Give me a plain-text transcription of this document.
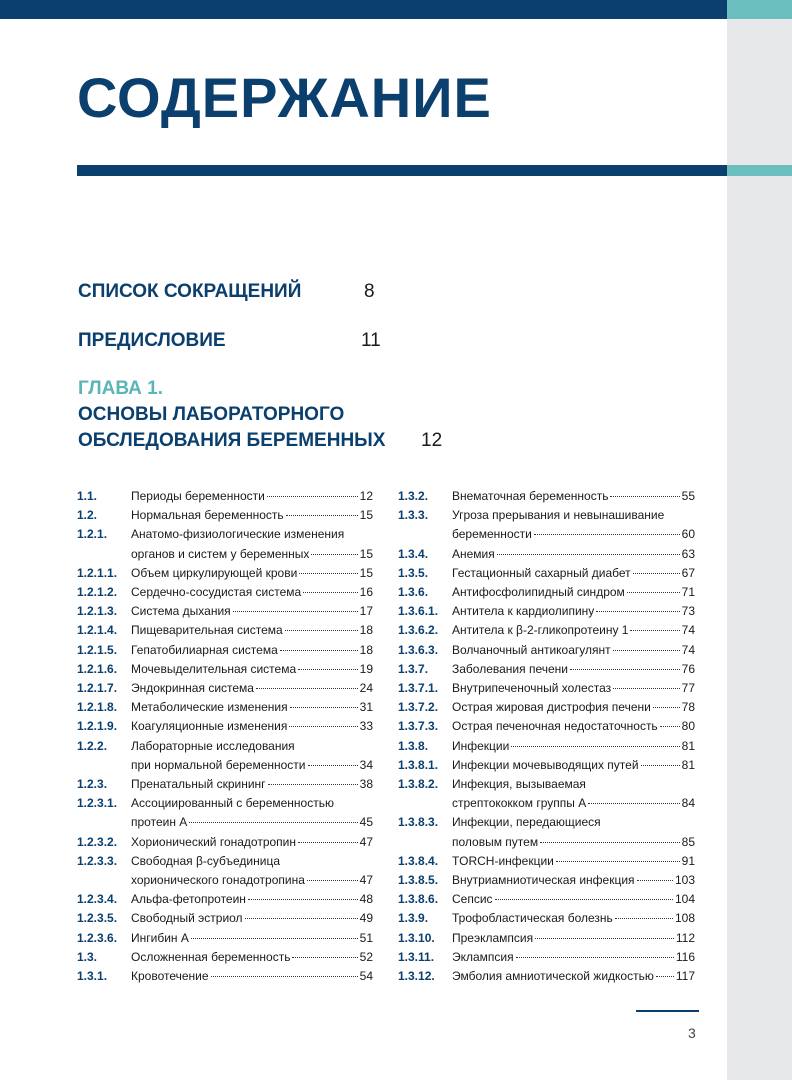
СОДЕРЖАНИЕ
СПИСОК СОКРАЩЕНИЙ	8
ПРЕДИСЛОВИЕ	11
ГЛАВА 1.
ОСНОВЫ ЛАБОРАТОРНОГО
ОБСЛЕДОВАНИЯ БЕРЕМЕННЫХ 12
1.1.	Периоды беременности	12
1.2.	Нормальная беременность	15
1.2.1. Анатомо-физиологические изменения
органов и систем у беременных	15
1.2.1.1. Объем циркулирующей крови	15
1.2.1.2. Сердечно-сосудистая система	16
1.2.1.3. Система дыхания	17
1.2.1.4. Пищеварительная система	18
1.2.1.5. Гепатобилиарная система	18
1.2.1.6. Мочевыделительная система	19
1.2.1.7. Эндокринная система	24
1.2.1.8. Метаболические изменения	31
1.2.1.9. Коагуляционные изменения	33
1.2.2. Лабораторные исследования
при нормальной беременности	34
1.2.3. Пренатальный скрининг	38
1.2.3.1. Ассоциированный с беременностью
протеин А	45
1.2.3.2. Хорионический гонадотропин	47
1.2.3.3. Свободная β-субъединица
хорионического гонадотропина	47
1.2.3.4. Альфа-фетопротеин	48
1.2.3.5. Свободный эстриол	49
1.2.3.6. Ингибин А	51
1.3.	Осложненная беременность	52
1.3.1. Кровотечение	54
1.3.2. Внематочная беременность	55
1.3.3. Угроза прерывания и невынашивание
беременности	60
1.3.4. Анемия	63
1.3.5. Гестационный сахарный диабет	67
1.3.6. Антифосфолипидный синдром	71
1.3.6.1. Антитела к кардиолипину	73
1.3.6.2. Антитела к β-2-гликопротеину 1	74
1.3.6.3. Волчаночный антикоагулянт	74
1.3.7. Заболевания печени	76
1.3.7.1. Внутрипеченочный холестаз	77
1.3.7.2. Острая жировая дистрофия печени	78
1.3.7.3. Острая печеночная недостаточность 80
1.3.8. Инфекции	81
1.3.8.1. Инфекции мочевыводящих путей	81
1.3.8.2. Инфекция, вызываемая
стрептококком группы А	84
1.3.8.3. Инфекции, передающиеся
половым путем	85
1.3.8.4. TORCH-инфекции	91
1.3.8.5. Внутриамниотическая инфекция	103
1.3.8.6. Сепсис	104
1.3.9. Трофобластическая болезнь	108
1.3.10. Преэклампсия	112
1.3.11. Эклампсия	116
1.3.12. Эмболия амниотической жидкостью 117
3
